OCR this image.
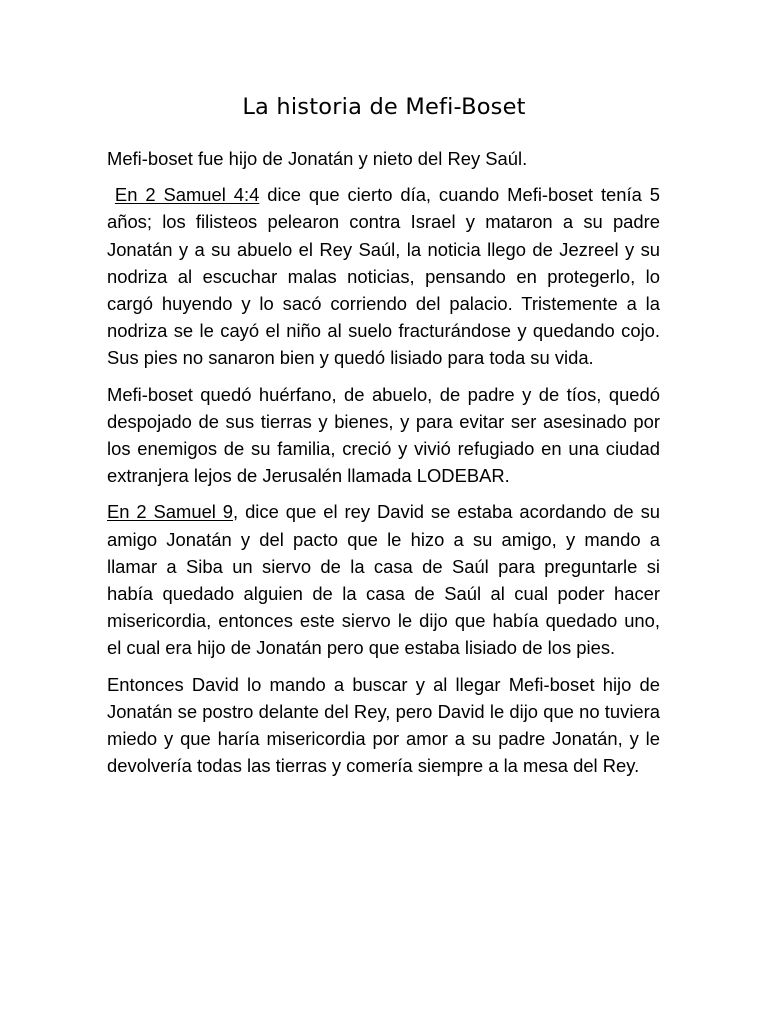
La historia de Mefi-Boset

Mefi-boset fue hijo de Jonatán y nieto del Rey Saúl.

En 2 Samuel 4:4 dice que cierto día, cuando Mefi-boset tenía 5 años; los filisteos pelearon contra Israel y mataron a su padre Jonatán y a su abuelo el Rey Saúl, la noticia llego de Jezreel y su nodriza al escuchar malas noticias, pensando en protegerlo, lo cargó huyendo y lo sacó corriendo del palacio. Tristemente a la nodriza se le cayó el niño al suelo fracturándose y quedando cojo. Sus pies no sanaron bien y quedó lisiado para toda su vida.

Mefi-boset quedó huérfano, de abuelo, de padre y de tíos, quedó despojado de sus tierras y bienes, y para evitar ser asesinado por los enemigos de su familia, creció y vivió refugiado en una ciudad extranjera lejos de Jerusalén llamada LODEBAR.

En 2 Samuel 9, dice que el rey David se estaba acordando de su amigo Jonatán y del pacto que le hizo a su amigo, y mando a llamar a Siba un siervo de la casa de Saúl para preguntarle si había quedado alguien de la casa de Saúl al cual poder hacer misericordia, entonces este siervo le dijo que había quedado uno, el cual era hijo de Jonatán pero que estaba lisiado de los pies.

Entonces David lo mando a buscar y al llegar Mefi-boset hijo de Jonatán se postro delante del Rey, pero David le dijo que no tuviera miedo y que haría misericordia por amor a su padre Jonatán, y le devolvería todas las tierras y comería siempre a la mesa del Rey.
